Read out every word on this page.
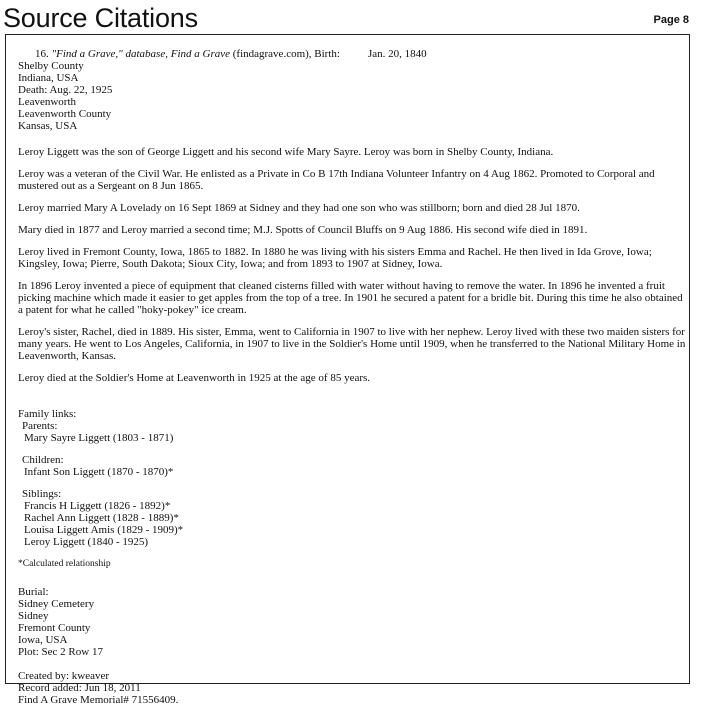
Source Citations	Page 8
16. "Find a Grave," database, Find a Grave (findagrave.com), Birth:	Jan. 20, 1840
Shelby County
Indiana, USA
Death: Aug. 22, 1925
Leavenworth
Leavenworth County
Kansas, USA

Leroy Liggett was the son of George Liggett and his second wife Mary Sayre. Leroy was born in Shelby County, Indiana.

Leroy was a veteran of the Civil War. He enlisted as a Private in Co B 17th Indiana Volunteer Infantry on 4 Aug 1862. Promoted to Corporal and mustered out as a Sergeant on 8 Jun 1865.

Leroy married Mary A Lovelady on 16 Sept 1869 at Sidney and they had one son who was stillborn; born and died 28 Jul 1870.

Mary died in 1877 and Leroy married a second time; M.J. Spotts of Council Bluffs on 9 Aug 1886. His second wife died in 1891.

Leroy lived in Fremont County, Iowa, 1865 to 1882. In 1880 he was living with his sisters Emma and Rachel. He then lived in Ida Grove, Iowa; Kingsley, Iowa; Pierre, South Dakota; Sioux City, Iowa; and from 1893 to 1907 at Sidney, Iowa.

In 1896 Leroy invented a piece of equipment that cleaned cisterns filled with water without having to remove the water. In 1896 he invented a fruit picking machine which made it easier to get apples from the top of a tree. In 1901 he secured a patent for a bridle bit. During this time he also obtained a patent for what he called "hoky-pokey" ice cream.

Leroy's sister, Rachel, died in 1889. His sister, Emma, went to California in 1907 to live with her nephew. Leroy lived with these two maiden sisters for many years. He went to Los Angeles, California, in 1907 to live in the Soldier's Home until 1909, when he transferred to the National Military Home in Leavenworth, Kansas.

Leroy died at the Soldier's Home at Leavenworth in 1925 at the age of 85 years.

Family links:
Parents:
Mary Sayre Liggett (1803 - 1871)
Children:
Infant Son Liggett (1870 - 1870)*
Siblings:
Francis H Liggett (1826 - 1892)*
Rachel Ann Liggett (1828 - 1889)*
Louisa Liggett Amis (1829 - 1909)*
Leroy Liggett (1840 - 1925)
*Calculated relationship
Burial:
Sidney Cemetery
Sidney
Fremont County
Iowa, USA
Plot: Sec 2 Row 17
Created by: kweaver
Record added: Jun 18, 2011
Find A Grave Memorial# 71556409.
